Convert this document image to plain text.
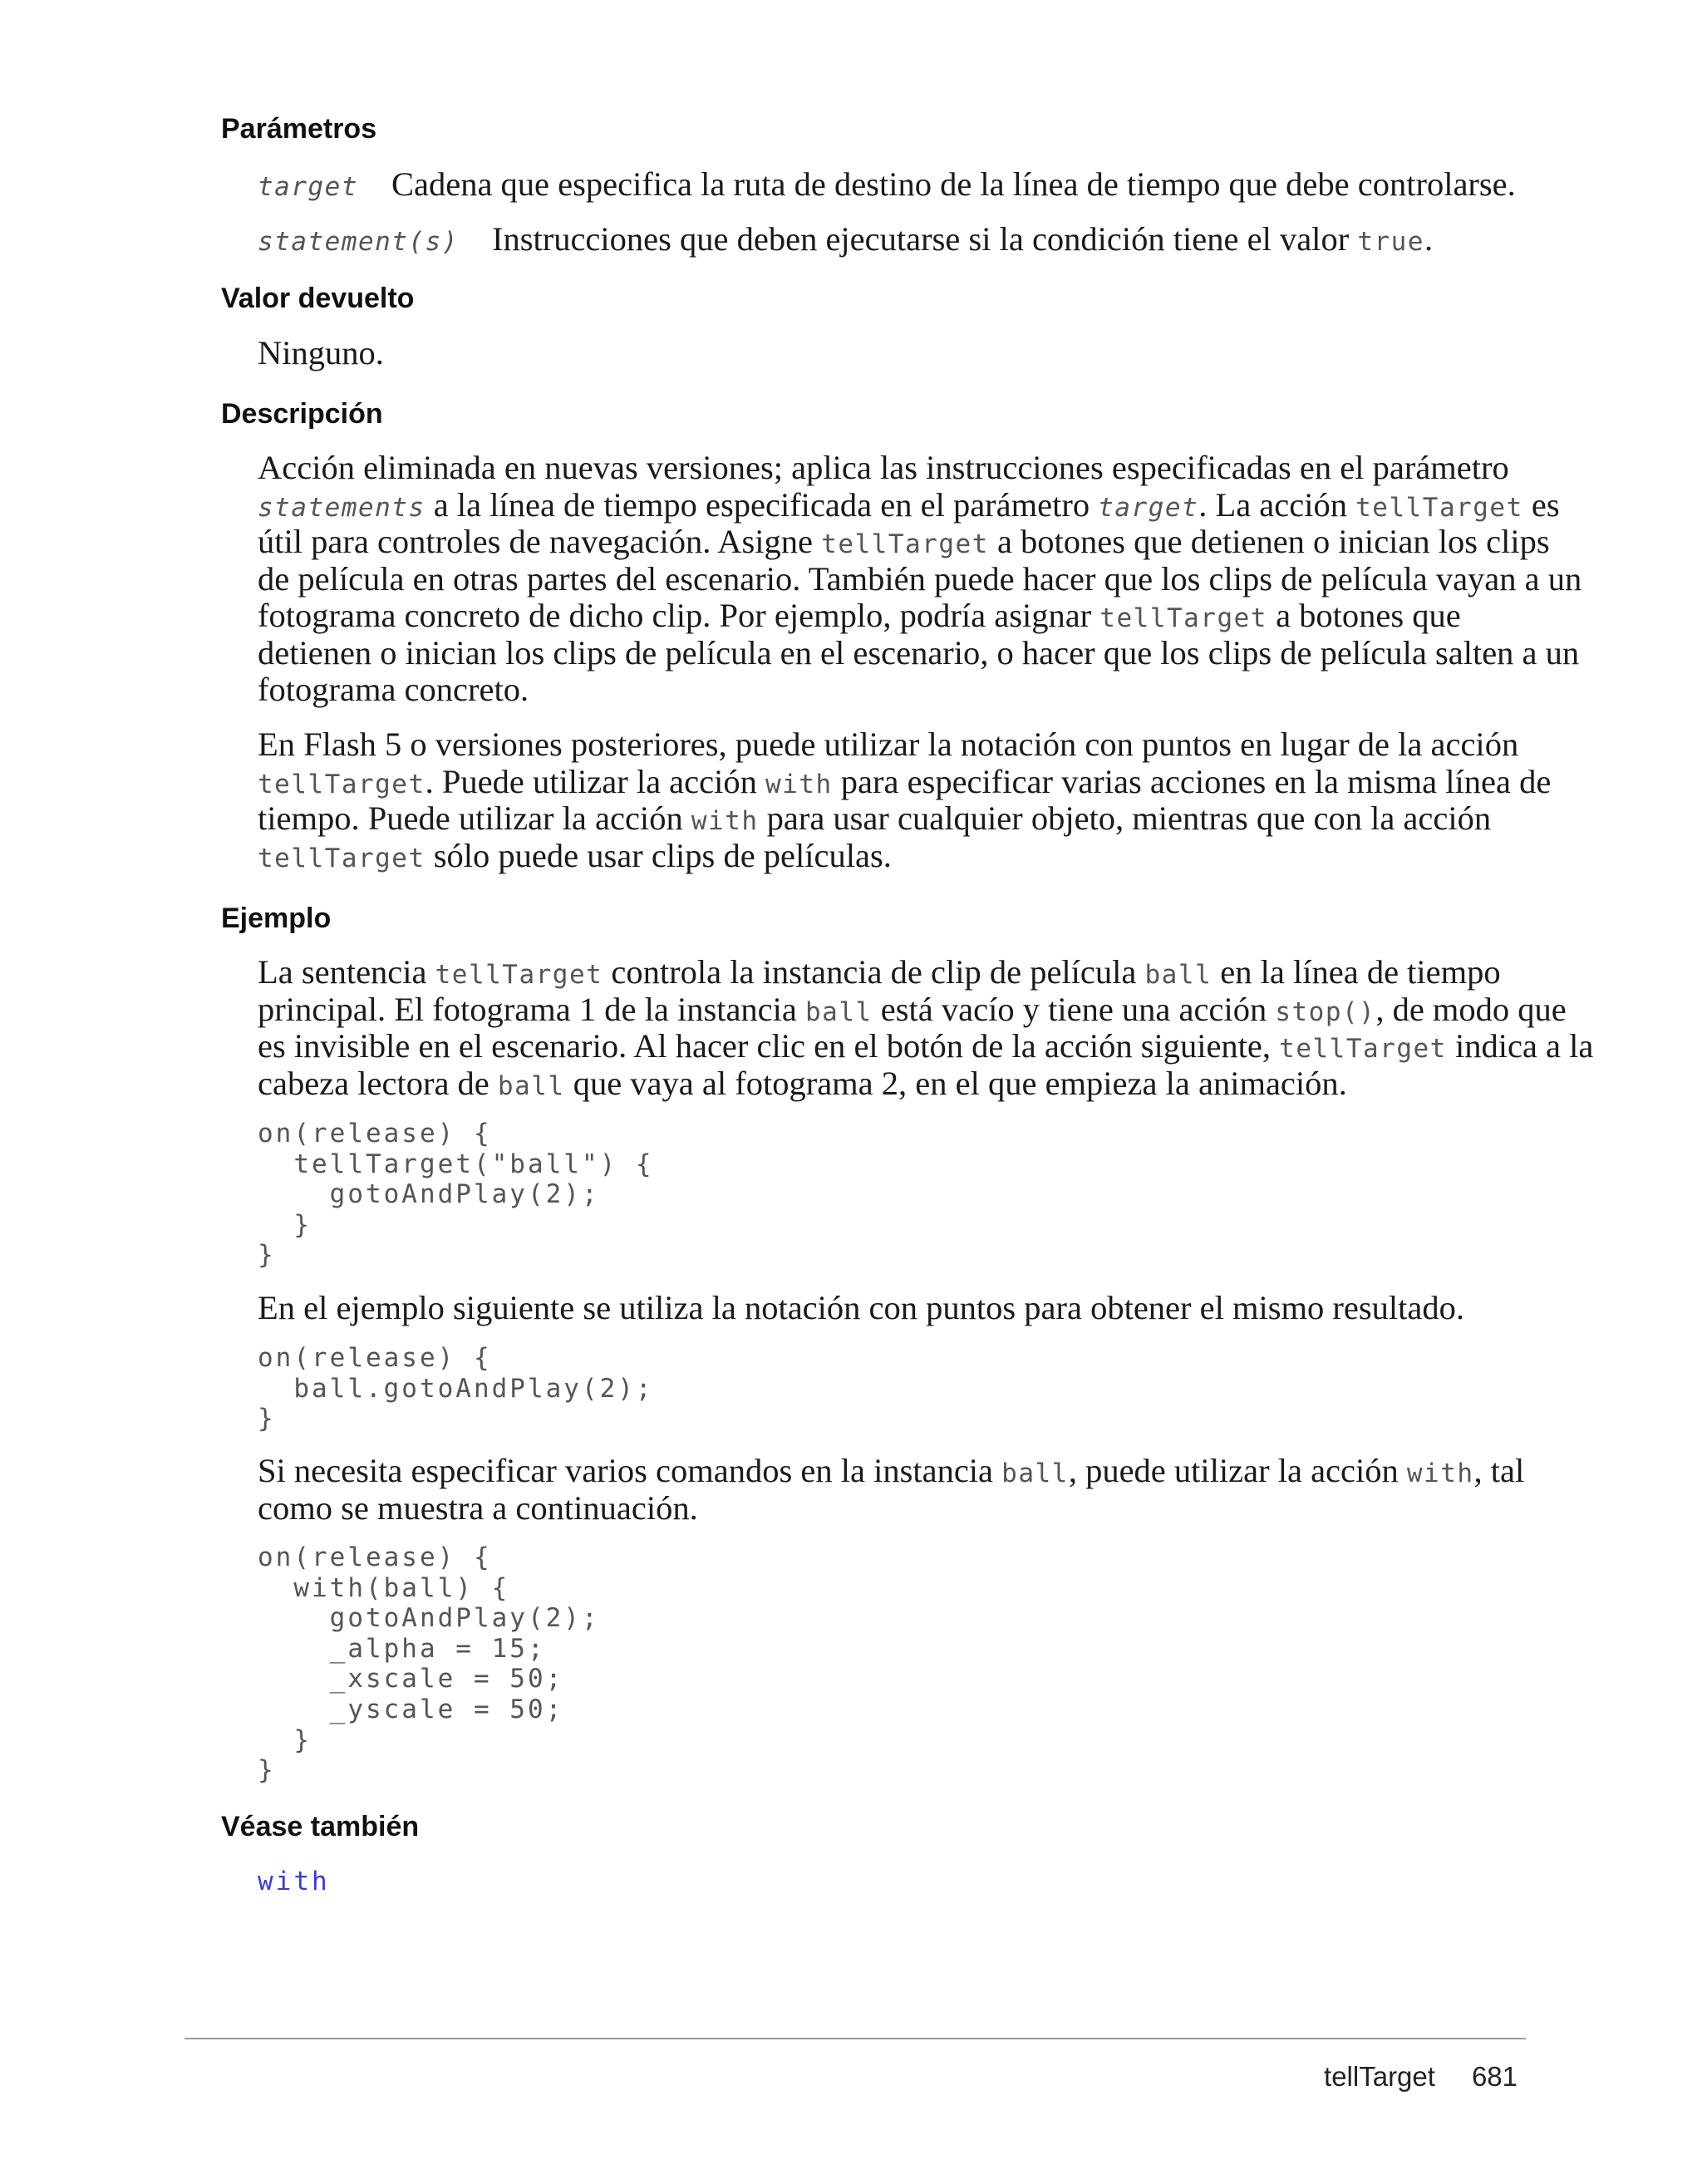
Parámetros
target Cadena que especifica la ruta de destino de la línea de tiempo que debe controlarse.
statement(s) Instrucciones que deben ejecutarse si la condición tiene el valor true.
Valor devuelto

Ninguno.

Descripción
Acción eliminada en nuevas versiones; aplica las instrucciones especificadas en el parámetro
statements a la línea de tiempo especificada en el parámetro target. La acción tellTarget es
útil para controles de navegación. Asigne tellTarget a botones que detienen o inician los clips
de película en otras partes del escenario. También puede hacer que los clips de película vayan a un
fotograma concreto de dicho clip. Por ejemplo, podría asignar tellTarget a botones que
detienen o inician los clips de película en el escenario, o hacer que los clips de película salten a un
fotograma concreto.
En Flash 5 o versiones posteriores, puede utilizar la notación con puntos en lugar de la acción
tellTarget. Puede utilizar la acción with para especificar varias acciones en la misma línea de
tiempo. Puede utilizar la acción with para usar cualquier objeto, mientras que con la acción
tellTarget sólo puede usar clips de películas.
Ejemplo
La sentencia tellTarget controla la instancia de clip de película ball en la línea de tiempo
principal. El fotograma 1 de la instancia ball está vacío y tiene una acción stop(), de modo que
es invisible en el escenario. Al hacer clic en el botón de la acción siguiente, tellTarget indica a la
cabeza lectora de ball que vaya al fotograma 2, en el que empieza la animación.
on(release) {
tellTarget("ball") {
gotoAndPlay(2);
}
}
En el ejemplo siguiente se utiliza la notación con puntos para obtener el mismo resultado.
on(release) {
ball.gotoAndPlay(2);
}
Si necesita especificar varios comandos en la instancia ball, puede utilizar la acción with, tal
como se muestra a continuación.
on(release) {
with(ball) {
gotoAndPlay(2);
_alpha = 15;
_xscale = 50;
_yscale = 50;
}
}
Véase también
with
tellTarget 681
